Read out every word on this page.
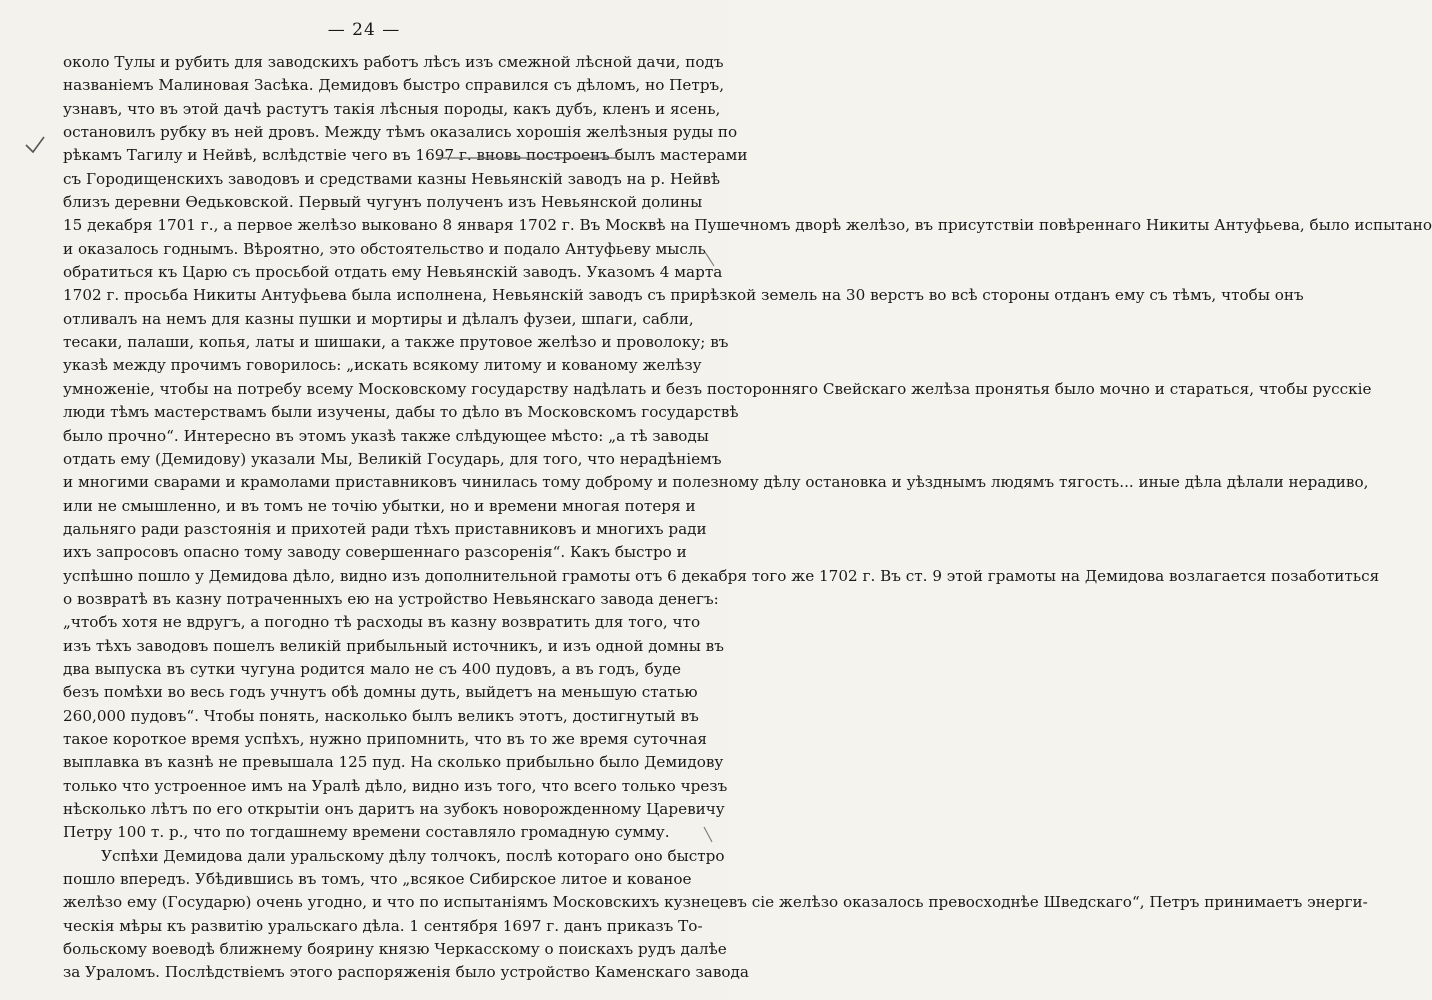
— 24 —
около Тулы и рубить для заводскихъ работъ лѣсъ изъ смежной лѣсной дачи, подъ
названіемъ Малиновая Засѣка. Демидовъ быстро справился съ дѣломъ, но Петръ,
узнавъ, что въ этой дачѣ растутъ такія лѣсныя породы, какъ дубъ, кленъ и ясень,
остановилъ рубку въ ней дровъ. Между тѣмъ оказались хорошія желѣзныя руды по
рѣкамъ Тагилу и Нейвѣ, вслѣдствіе чего въ 1697 г. вновь построенъ былъ мастерами
съ Городищенскихъ заводовъ и средствами казны Невьянскій заводъ на р. Нейвѣ
близъ деревни Ѳедьковской. Первый чугунъ полученъ изъ Невьянской долины
15 декабря 1701 г., а первое желѣзо выковано 8 января 1702 г. Въ Москвѣ на Пушечномъ дворѣ желѣзо, въ присутствіи повѣреннаго Никиты Антуфьева, было испытано
и оказалось годнымъ. Вѣроятно, это обстоятельство и подало Антуфьеву мысль
обратиться къ Царю съ просьбой отдать ему Невьянскій заводъ. Указомъ 4 марта
1702 г. просьба Никиты Антуфьева была исполнена, Невьянскій заводъ съ прирѣзкой земель на 30 верстъ во всѣ стороны отданъ ему съ тѣмъ, чтобы онъ
отливалъ на немъ для казны пушки и мортиры и дѣлалъ фузеи, шпаги, сабли,
тесаки, палаши, копья, латы и шишаки, а также прутовое желѣзо и проволоку; въ
указѣ между прочимъ говорилось: „искать всякому литому и кованому желѣзу
умноженіе, чтобы на потребу всему Московскому государству надѣлать и безъ посторонняго Свейскаго желѣза пронятья было мочно и стараться, чтобы русскіе
люди тѣмъ мастерствамъ были изучены, дабы то дѣло въ Московскомъ государствѣ
было прочно“. Интересно въ этомъ указѣ также слѣдующее мѣсто: „а тѣ заводы
отдать ему (Демидову) указали Мы, Великій Государь, для того, что нерадѣніемъ
и многими сварами и крамолами приставниковъ чинилась тому доброму и полезному дѣлу остановка и уѣзднымъ людямъ тягость... иные дѣла дѣлали нерадиво,
или не смышленно, и въ томъ не точію убытки, но и времени многая потеря и
дальняго ради разстоянія и прихотей ради тѣхъ приставниковъ и многихъ ради
ихъ запросовъ опасно тому заводу совершеннаго разсоренія“. Какъ быстро и
успѣшно пошло у Демидова дѣло, видно изъ дополнительной грамоты отъ 6 декабря того же 1702 г. Въ ст. 9 этой грамоты на Демидова возлагается позаботиться
о возвратѣ въ казну потраченныхъ ею на устройство Невьянскаго завода денегъ:
„чтобъ хотя не вдругъ, а погодно тѣ расходы въ казну возвратить для того, что
изъ тѣхъ заводовъ пошелъ великій прибыльный источникъ, и изъ одной домны въ
два выпуска въ сутки чугуна родится мало не съ 400 пудовъ, а въ годъ, буде
безъ помѣхи во весь годъ учнутъ обѣ домны дуть, выйдетъ на меньшую статью
260,000 пудовъ“. Чтобы понять, насколько былъ великъ этотъ, достигнутый въ
такое короткое время успѣхъ, нужно припомнить, что въ то же время суточная
выплавка въ казнѣ не превышала 125 пуд. На сколько прибыльно было Демидову
только что устроенное имъ на Уралѣ дѣло, видно изъ того, что всего только чрезъ
нѣсколько лѣтъ по его открытіи онъ даритъ на зубокъ новорожденному Царевичу
Петру 100 т. р., что по тогдашнему времени составляло громадную сумму.
Успѣхи Демидова дали уральскому дѣлу толчокъ, послѣ котораго оно быстро
пошло впередъ. Убѣдившись въ томъ, что „всякое Сибирское литое и кованое
желѣзо ему (Государю) очень угодно, и что по испытаніямъ Московскихъ кузнецевъ сіе желѣзо оказалось превосходнѣе Шведскаго“, Петръ принимаетъ энерги-
ческія мѣры къ развитію уральскаго дѣла. 1 сентября 1697 г. данъ приказъ То-
больскому воеводѣ ближнему боярину князю Черкасскому о поискахъ рудъ далѣе
за Ураломъ. Послѣдствіемъ этого распоряженія было устройство Каменскаго завода
